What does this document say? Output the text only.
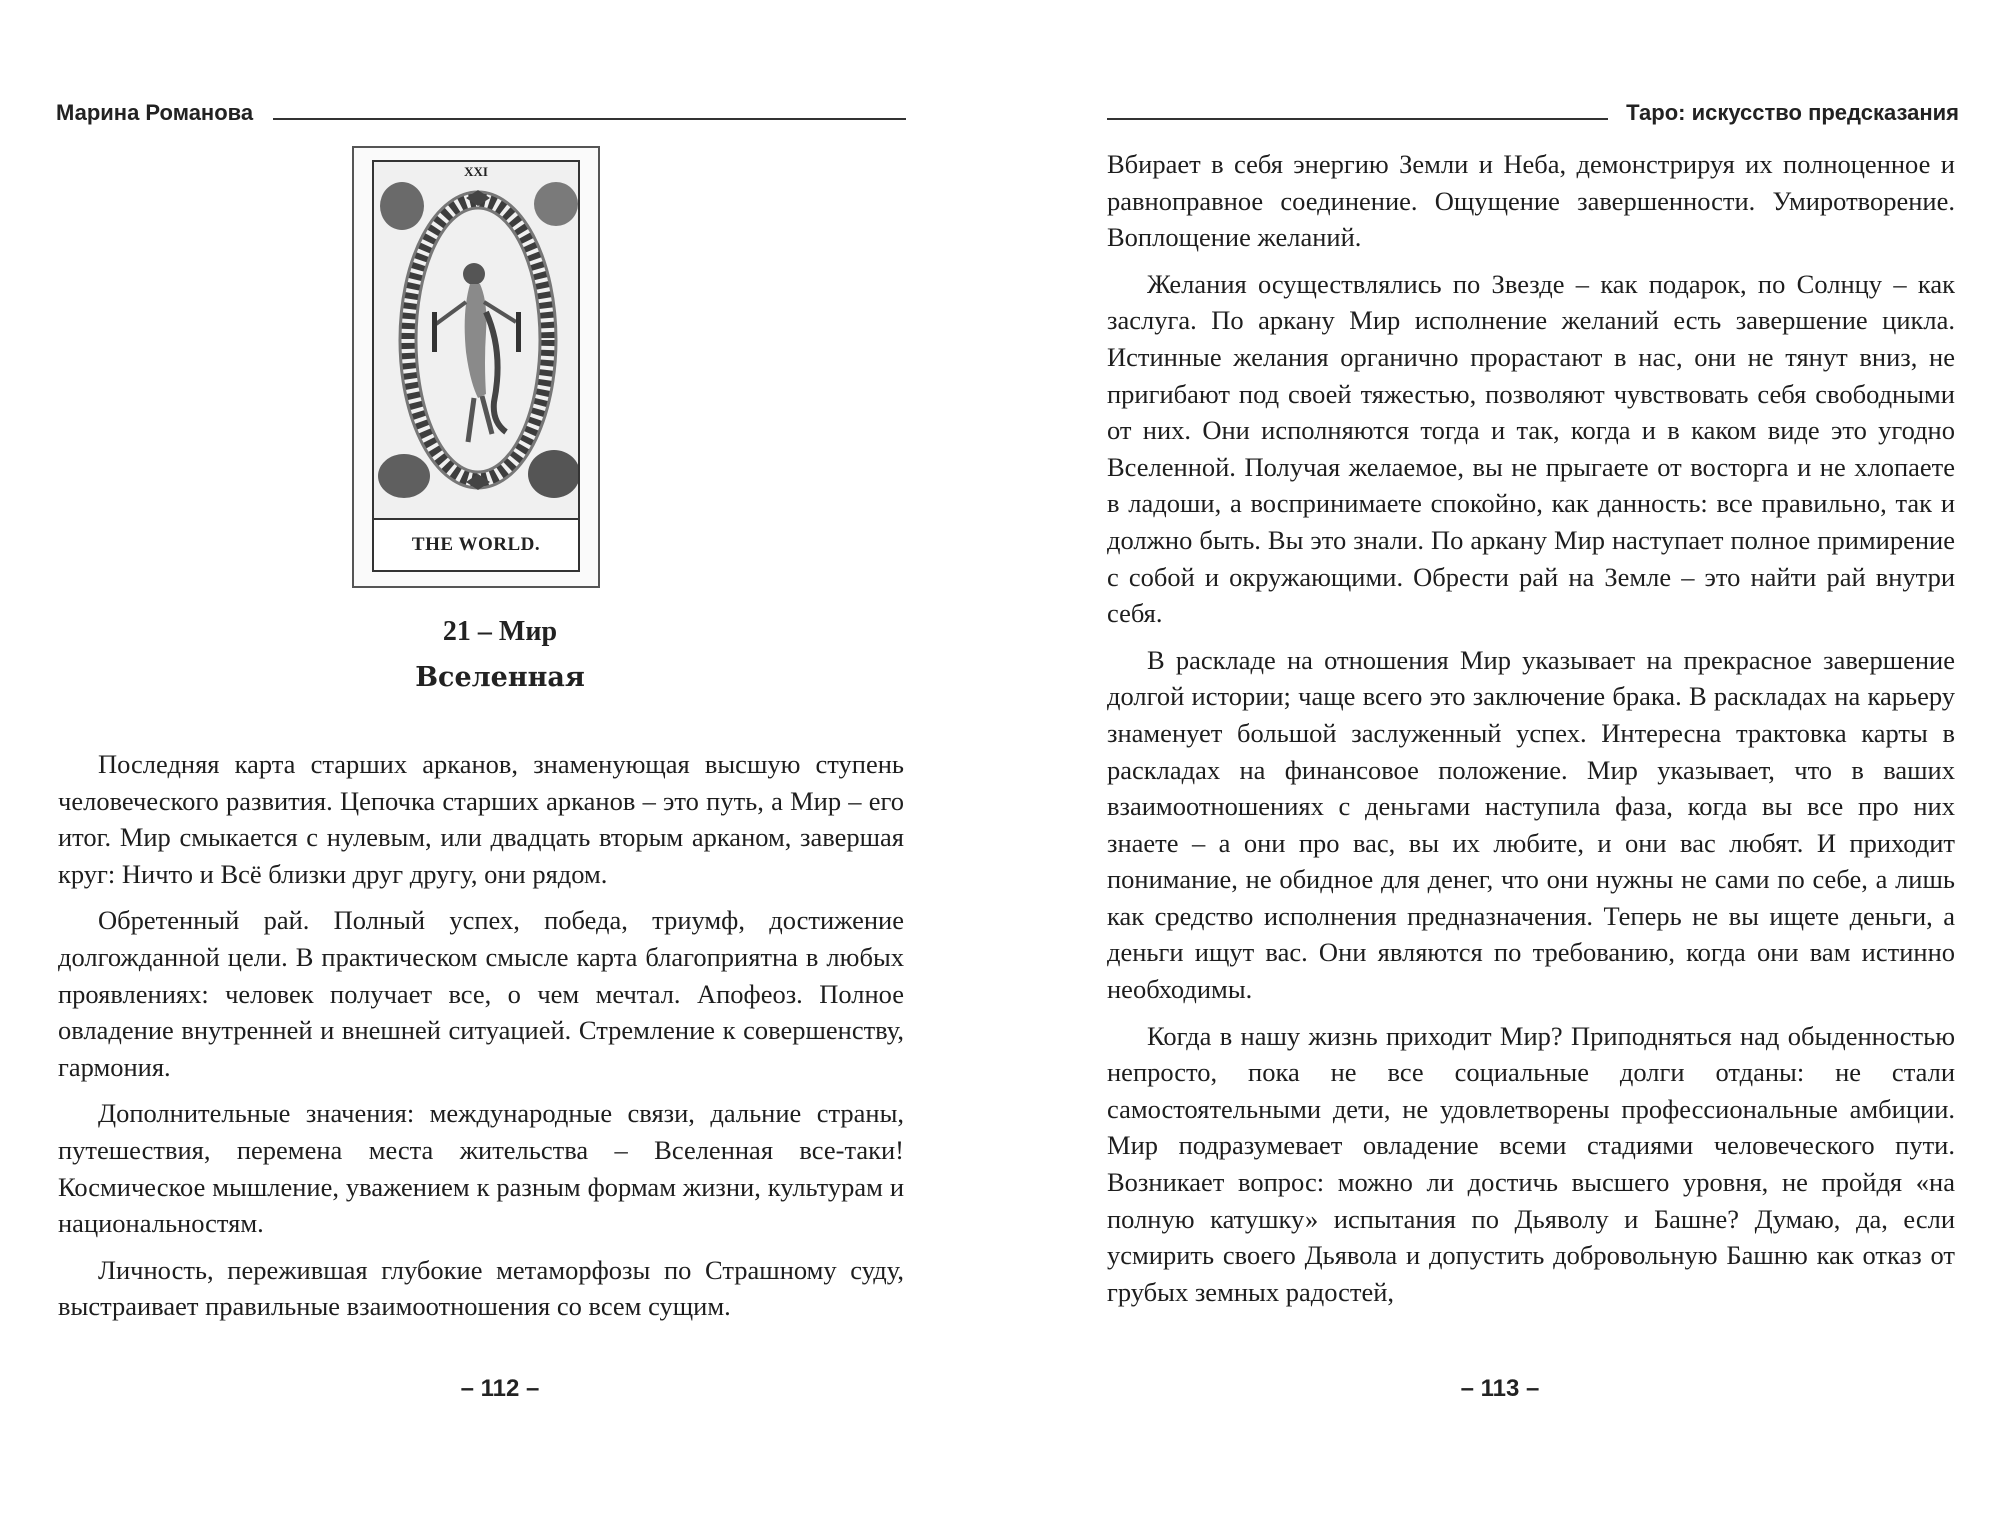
Марина Романова
XXI
THE WORLD.
21 – Мир
Вселенная

Последняя карта старших арканов, знаменующая высшую ступень человеческого развития. Цепочка старших арканов – это путь, а Мир – его итог. Мир смыкается с нулевым, или двадцать вторым арканом, завершая круг: Ничто и Всё близки друг другу, они рядом.

Обретенный рай. Полный успех, победа, триумф, достижение долгожданной цели. В практическом смысле карта благоприятна в любых проявлениях: человек получает все, о чем мечтал. Апофеоз. Полное овладение внутренней и внешней ситуацией. Стремление к совершенству, гармония.

Дополнительные значения: международные связи, дальние страны, путешествия, перемена места жительства – Вселенная все-таки! Космическое мышление, уважением к разным формам жизни, культурам и национальностям.

Личность, пережившая глубокие метаморфозы по Страшному суду, выстраивает правильные взаимоотношения со всем сущим.

– 112 –
Таро: искусство предсказания

Вбирает в себя энергию Земли и Неба, демонстрируя их полноценное и равноправное соединение. Ощущение завершенности. Умиротворение. Воплощение желаний.

Желания осуществлялись по Звезде – как подарок, по Солнцу – как заслуга. По аркану Мир исполнение желаний есть завершение цикла. Истинные желания органично прорастают в нас, они не тянут вниз, не пригибают под своей тяжестью, позволяют чувствовать себя свободными от них. Они исполняются тогда и так, когда и в каком виде это угодно Вселенной. Получая желаемое, вы не прыгаете от восторга и не хлопаете в ладоши, а воспринимаете спокойно, как данность: все правильно, так и должно быть. Вы это знали. По аркану Мир наступает полное примирение с собой и окружающими. Обрести рай на Земле – это найти рай внутри себя.

В раскладе на отношения Мир указывает на прекрасное завершение долгой истории; чаще всего это заключение брака. В раскладах на карьеру знаменует большой заслуженный успех. Интересна трактовка карты в раскладах на финансовое положение. Мир указывает, что в ваших взаимоотношениях с деньгами наступила фаза, когда вы все про них знаете – а они про вас, вы их любите, и они вас любят. И приходит понимание, не обидное для денег, что они нужны не сами по себе, а лишь как средство исполнения предназначения. Теперь не вы ищете деньги, а деньги ищут вас. Они являются по требованию, когда они вам истинно необходимы.

Когда в нашу жизнь приходит Мир? Приподняться над обыденностью непросто, пока не все социальные долги отданы: не стали самостоятельными дети, не удовлетворены профессиональные амбиции. Мир подразумевает овладение всеми стадиями человеческого пути. Возникает вопрос: можно ли достичь высшего уровня, не пройдя «на полную катушку» испытания по Дьяволу и Башне? Думаю, да, если усмирить своего Дьявола и допустить добровольную Башню как отказ от грубых земных радостей,

– 113 –
